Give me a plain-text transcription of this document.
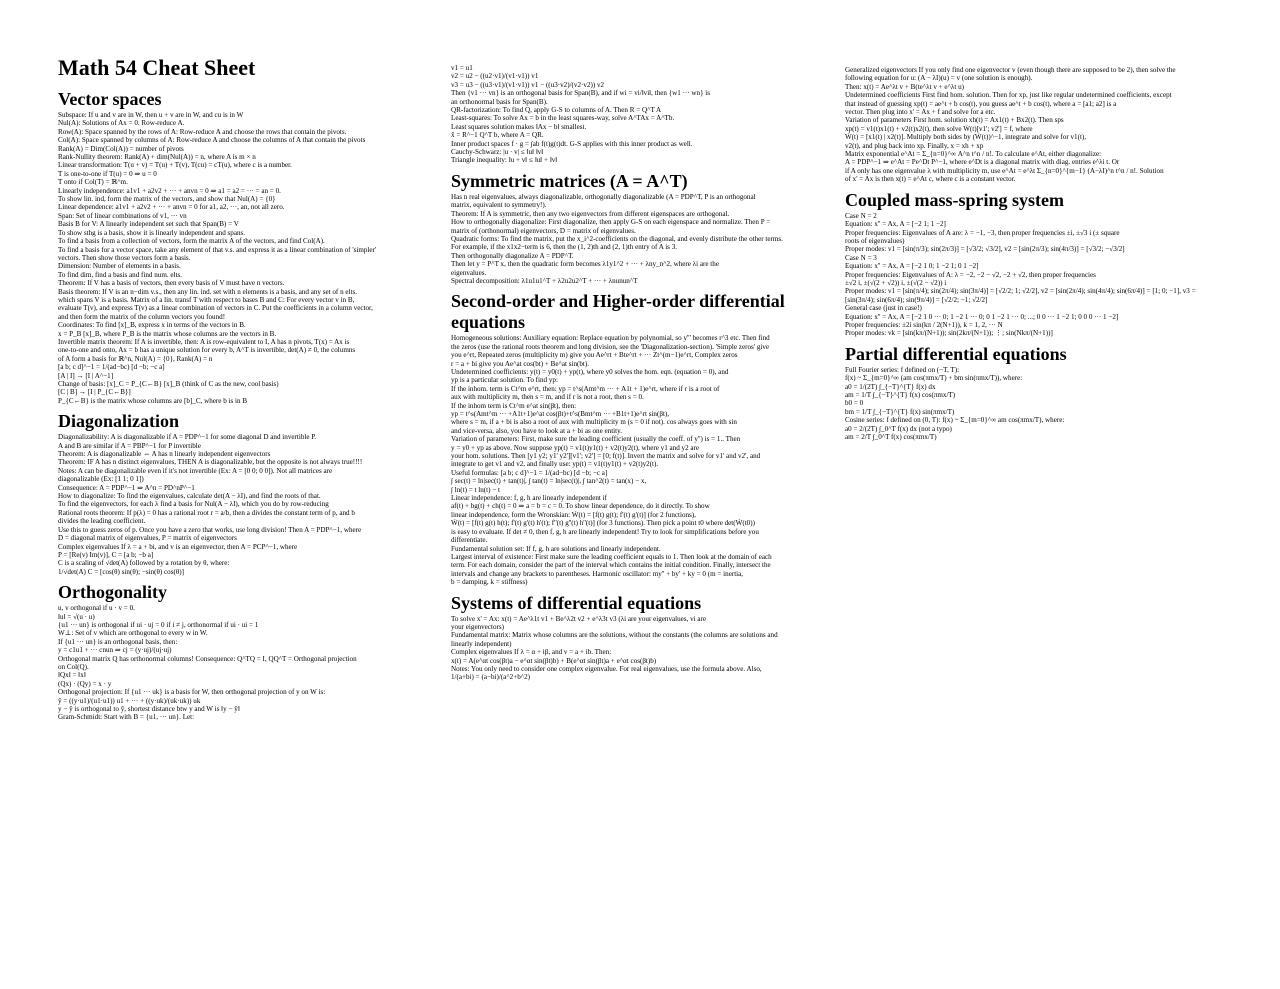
Math 54 Cheat Sheet
Vector spaces
Subspace: If u and v are in W, then u + v are in W, and cu is in W
Nul(A): Solutions of Ax = 0. Row-reduce A.
Row(A): Space spanned by the rows of A: Row-reduce A and choose the rows that contain the pivots.
Col(A): Space spanned by columns of A: Row-reduce A and choose the columns of A that contain the pivots
Rank(A) = Dim(Col(A)) = number of pivots
Rank-Nullity theorem: Rank(A) + dim(Nul(A)) = n, where A is m × n
Linear transformation: T(u + v) = T(u) + T(v), T(cu) = cT(u), where c is a number.
T is one-to-one if T(u) = 0 ⇒ u = 0
T onto if Col(T) = ℝ^m.
Linearly independence: a1v1 + a2v2 + ··· + anvn = 0 ⇒ a1 = a2 = ··· = an = 0.
To show lin. ind, form the matrix of the vectors, and show that Nul(A) = {0}
Linear dependence: a1v1 + a2v2 + ··· + anvn = 0 for a1, a2, ···, an, not all zero.
Span: Set of linear combinations of v1, ··· vn
Basis B for V: A linearly independent set such that Span(B) = V
To show sthg is a basis, show it is linearly independent and spans.
To find a basis from a collection of vectors, form the matrix A of the vectors, and find Col(A).
To find a basis for a vector space, take any element of that v.s. and express it as a linear combination of 'simpler'
vectors. Then show those vectors form a basis.
Dimension: Number of elements in a basis.
To find dim, find a basis and find num. elts.
Theorem: If V has a basis of vectors, then every basis of V must have n vectors.
Basis theorem: If V is an n−dim v.s., then any lin. ind. set with n elements is a basis, and any set of n elts.
which spans V is a basis. Matrix of a lin. transf T with respect to bases B and C: For every vector v in B,
evaluate T(v), and express T(v) as a linear combination of vectors in C. Put the coefficients in a column vector,
and then form the matrix of the column vectors you found!
Coordinates: To find [x]_B, express x in terms of the vectors in B.
x = P_B [x]_B, where P_B is the matrix whose columns are the vectors in B.
Invertible matrix theorem: If A is invertible, then: A is row-equivalent to I, A has n pivots, T(x) = Ax is
one-to-one and onto, Ax = b has a unique solution for every b, A^T is invertible, det(A) ≠ 0, the columns
of A form a basis for ℝ^n, Nul(A) = {0}, Rank(A) = n
[a b; c d]^−1 = 1/(ad−bc) [d −b; −c a]
[A | I] → [I | A^−1]
Change of basis: [x]_C = P_{C←B} [x]_B (think of C as the new, cool basis)
[C | B] → [I | P_{C←B}]
P_{C←B} is the matrix whose columns are [b]_C, where b is in B
Diagonalization
Diagonalizability: A is diagonalizable if A = PDP^−1 for some diagonal D and invertible P.
A and B are similar if A = PBP^−1 for P invertible
Theorem: A is diagonalizable ⇔ A has n linearly independent eigenvectors
Theorem: IF A has n distinct eigenvalues, THEN A is diagonalizable, but the opposite is not always true!!!!
Notes: A can be diagonalizable even if it's not invertible (Ex: A = [0 0; 0 0]). Not all matrices are
diagonalizable (Ex: [1 1; 0 1])
Consequence: A = PDP^−1 ⇒ A^n = PD^nP^−1
How to diagonalize: To find the eigenvalues, calculate det(A − λI), and find the roots of that.
To find the eigenvectors, for each λ find a basis for Nul(A − λI), which you do by row-reducing
Rational roots theorem: If p(λ) = 0 has a rational root r = a/b, then a divides the constant term of p, and b
divides the leading coefficient.
Use this to guess zeros of p. Once you have a zero that works, use long division! Then A = PDP^−1, where
D = diagonal matrix of eigenvalues, P = matrix of eigenvectors
Complex eigenvalues If λ = a + bi, and v is an eigenvector, then A = PCP^−1, where
P = [Re(v) Im(v)], C = [a b; −b a]
C is a scaling of √det(A) followed by a rotation by θ, where:
1/√det(A) C = [cos(θ) sin(θ); −sin(θ) cos(θ)]
Orthogonality
u, v orthogonal if u · v = 0.
‖u‖ = √(u · u)
{u1 ··· un} is orthogonal if ui · uj = 0 if i ≠ j, orthonormal if ui · ui = 1
W⊥: Set of v which are orthogonal to every w in W.
If {u1 ··· un} is an orthogonal basis, then:
y = c1u1 + ··· cnun ⇒ cj = (y·uj)/(uj·uj)
Orthogonal matrix Q has orthonormal columns! Consequence: Q^TQ = I, QQ^T = Orthogonal projection
on Col(Q).
‖Qx‖ = ‖x‖
(Qx) · (Qy) = x · y
Orthogonal projection: If {u1 ··· uk} is a basis for W, then orthogonal projection of y on W is:
ŷ = ((y·u1)/(u1·u1)) u1 + ··· + ((y·uk)/(uk·uk)) uk
y − ŷ is orthogonal to ŷ, shortest distance btw y and W is ‖y − ŷ‖
Gram-Schmidt: Start with B = {u1, ··· un}. Let:
v1 = u1
v2 = u2 − ((u2·v1)/(v1·v1)) v1
v3 = u3 − ((u3·v1)/(v1·v1)) v1 − ((u3·v2)/(v2·v2)) v2
Then {v1 ··· vn} is an orthogonal basis for Span(B), and if wi = vi/‖vi‖, then {w1 ··· wn} is
an orthonormal basis for Span(B).
QR-factorization: To find Q, apply G-S to columns of A. Then R = Q^T A
Least-squares: To solve Ax = b in the least squares-way, solve A^TAx = A^Tb.
Least squares solution makes ‖Ax − b‖ smallest.
x̂ = R^−1 Q^T b, where A = QR.
Inner product spaces f · g = ∫ab f(t)g(t)dt. G-S applies with this inner product as well.
Cauchy-Schwarz: |u · v| ≤ ‖u‖ ‖v‖
Triangle inequality: ‖u + v‖ ≤ ‖u‖ + ‖v‖
Symmetric matrices (A = A^T)
Has n real eigenvalues, always diagonalizable, orthogonally diagonalizable (A = PDP^T, P is an orthogonal
matrix, equivalent to symmetry!).
Theorem: If A is symmetric, then any two eigenvectors from different eigenspaces are orthogonal.
How to orthogonally diagonalize: First diagonalize, then apply G-S on each eigenspace and normalize. Then P =
matrix of (orthonormal) eigenvectors, D = matrix of eigenvalues.
Quadratic forms: To find the matrix, put the x_i^2-coefficients on the diagonal, and evenly distribute the other terms.
For example, if the x1x2−term is 6, then the (1, 2)th and (2, 1)th entry of A is 3.
Then orthogonally diagonalize A = PDP^T.
Then let y = P^T x, then the quadratic form becomes λ1y1^2 + ··· + λny_n^2, where λi are the
eigenvalues.
Spectral decomposition: λ1u1u1^T + λ2u2u2^T + ··· + λnunun^T
Second-order and Higher-order differential equations
Homogeneous solutions: Auxiliary equation: Replace equation by polynomial, so y''' becomes r^3 etc. Then find
the zeros (use the rational roots theorem and long division, see the 'Diagonalization-section). 'Simple zeros' give
you e^rt, Repeated zeros (multiplicity m) give you Ae^rt + Bte^rt + ··· Zt^(m−1)e^rt, Complex zeros
r = a + bi give you Ae^at cos(bt) + Be^at sin(bt).
Undetermined coefficients: y(t) = y0(t) + yp(t), where y0 solves the hom. eqn. (equation = 0), and
yp is a particular solution. To find yp:
If the inhom. term is Ct^m e^rt, then: yp = t^s(Amt^m ··· + A1t + 1)e^rt, where if r is a root of
aux with multiplicity m, then s = m, and if r is not a root, then s = 0.
If the inhom term is Ct^m e^at sin(βt), then:
yp = t^s(Amt^m ··· +A1t+1)e^at cos(βt)+t^s(Bmt^m ··· +B1t+1)e^rt sin(βt),
where s = m, if a + bi is also a root of aux with multiplicity m (s = 0 if not). cos always goes with sin
and vice-versa, also, you have to look at a + bi as one entity.
Variation of parameters: First, make sure the leading coefficient (usually the coeff. of y'') is = 1.. Then
y = y0 + yp as above. Now suppose yp(t) = v1(t)y1(t) + v2(t)y2(t), where y1 and y2 are
your hom. solutions. Then [y1 y2; y1' y2'][v1'; v2'] = [0; f(t)]. Invert the matrix and solve for v1' and v2', and
integrate to get v1 and v2, and finally use: yp(t) = v1(t)y1(t) + v2(t)y2(t).
Useful formulas: [a b; c d]^−1 = 1/(ad−bc) [d −b; −c a]
∫ sec(t) = ln|sec(t) + tan(t)|, ∫ tan(t) = ln|sec(t)|, ∫ tan^2(t) = tan(x) − x,
∫ ln(t) = t ln(t) − t
Linear independence: f, g, h are linearly independent if
af(t) + bg(t) + ch(t) = 0 ⇒ a = b = c = 0. To show linear dependence, do it directly. To show
linear independence, form the Wronskian: W̃(t) = [f(t) g(t); f'(t) g'(t)] (for 2 functions),
W̃(t) = [f(t) g(t) h(t); f'(t) g'(t) h'(t); f''(t) g''(t) h''(t)] (for 3 functions). Then pick a point t0 where det(W̃(t0))
is easy to evaluate. If det ≠ 0, then f, g, h are linearly independent! Try to look for simplifications before you
differentiate.
Fundamental solution set: If f, g, h are solutions and linearly independent.
Largest interval of existence: First make sure the leading coefficient equals to 1. Then look at the domain of each
term. For each domain, consider the part of the interval which contains the initial condition. Finally, intersect the
intervals and change any brackets to parentheses. Harmonic oscillator: my'' + by' + ky = 0 (m = inertia,
b = damping, k = stiffness)
Systems of differential equations
To solve x' = Ax: x(t) = Ae^λ1t v1 + Be^λ2t v2 + e^λ3t v3 (λi are your eigenvalues, vi are
your eigenvectors)
Fundamental matrix: Matrix whose columns are the solutions, without the constants (the columns are solutions and
linearly independent)
Complex eigenvalues If λ = α + iβ, and v = a + ib. Then:
x(t) = A(e^αt cos(βt)a − e^αt sin(βt)b) + B(e^αt sin(βt)a + e^αt cos(βt)b)
Notes: You only need to consider one complex eigenvalue. For real eigenvalues, use the formula above. Also,
1/(a+bi) = (a−bi)/(a^2+b^2)
Generalized eigenvectors If you only find one eigenvector v (even though there are supposed to be 2), then solve the
following equation for u: (A − λI)(u) = v (one solution is enough).
Then: x(t) = Ae^λt v + B(te^λt v + e^λt u)
Undetermined coefficients First find hom. solution. Then for xp, just like regular undetermined coefficients, except
that instead of guessing xp(t) = ae^t + b cos(t), you guess ae^t + b cos(t), where a = [a1; a2] is a
vector. Then plug into x' = Ax + f and solve for a etc.
Variation of parameters First hom. solution xh(t) = Ax1(t) + Bx2(t). Then sps
xp(t) = v1(t)x1(t) + v2(t)x2(t), then solve W̃(t)[v1'; v2'] = f, where
W̃(t) = [x1(t) | x2(t)]. Multiply both sides by (W̃(t))^−1, integrate and solve for v1(t),
v2(t), and plug back into xp. Finally, x = xh + xp
Matrix exponential e^At = Σ_{n=0}^∞ A^n t^n / n!. To calculate e^At, either diagonalize:
A = PDP^−1 ⇒ e^At = Pe^Dt P^−1, where e^Dt is a diagonal matrix with diag. entries e^λi t. Or
if A only has one eigenvalue λ with multiplicity m, use e^At = e^λt Σ_{n=0}^{m−1} (A−λI)^n t^n / n!. Solution
of x' = Ax is then x(t) = e^At c, where c is a constant vector.
Coupled mass-spring system
Case N = 2
Equation: x'' = Ax, A = [−2 1; 1 −2]
Proper frequencies: Eigenvalues of A are: λ = −1, −3, then proper frequencies ±i, ±√3 i (± square
roots of eigenvalues)
Proper modes: v1 = [sin(π/3); sin(2π/3)] = [√3/2; √3/2], v2 = [sin(2π/3); sin(4π/3)] = [√3/2; −√3/2]
Case N = 3
Equation: x'' = Ax, A = [−2 1 0; 1 −2 1; 0 1 −2]
Proper frequencies: Eigenvalues of A: λ = −2, −2 − √2, −2 + √2, then proper frequencies
±√2 i, ±(√(2 + √2)) i, ±(√(2 − √2)) i
Proper modes: v1 = [sin(π/4); sin(2π/4); sin(3π/4)] = [√2/2; 1; √2/2], v2 = [sin(2π/4); sin(4π/4); sin(6π/4)] = [1; 0; −1], v3 =
[sin(3π/4); sin(6π/4); sin(9π/4)] = [√2/2; −1; √2/2]
General case (just in case!)
Equation: x'' = Ax, A = [−2 1 0 ··· 0; 1 −2 1 ··· 0; 0 1 −2 1 ··· 0; ...; 0 0 ··· 1 −2 1; 0 0 0 ··· 1 −2]
Proper frequencies: ±2i sin(kπ / 2(N+1)), k = 1, 2, ··· N
Proper modes: vk = [sin(kπ/(N+1)); sin(2kπ/(N+1)); ⋮; sin(Nkπ/(N+1))]
Partial differential equations
Full Fourier series: f defined on (−T, T):
f(x) ~ Σ_{m=0}^∞ (am cos(πmx/T) + bm sin(πmx/T)), where:
a0 = 1/(2T) ∫_{−T}^{T} f(x) dx
am = 1/T ∫_{−T}^{T} f(x) cos(πmx/T)
b0 = 0
bm = 1/T ∫_{−T}^{T} f(x) sin(πmx/T)
Cosine series: f defined on (0, T): f(x) ~ Σ_{m=0}^∞ am cos(πmx/T), where:
a0 = 2/(2T) ∫_0^T f(x) dx (not a typo)
am = 2/T ∫_0^T f(x) cos(πmx/T)
